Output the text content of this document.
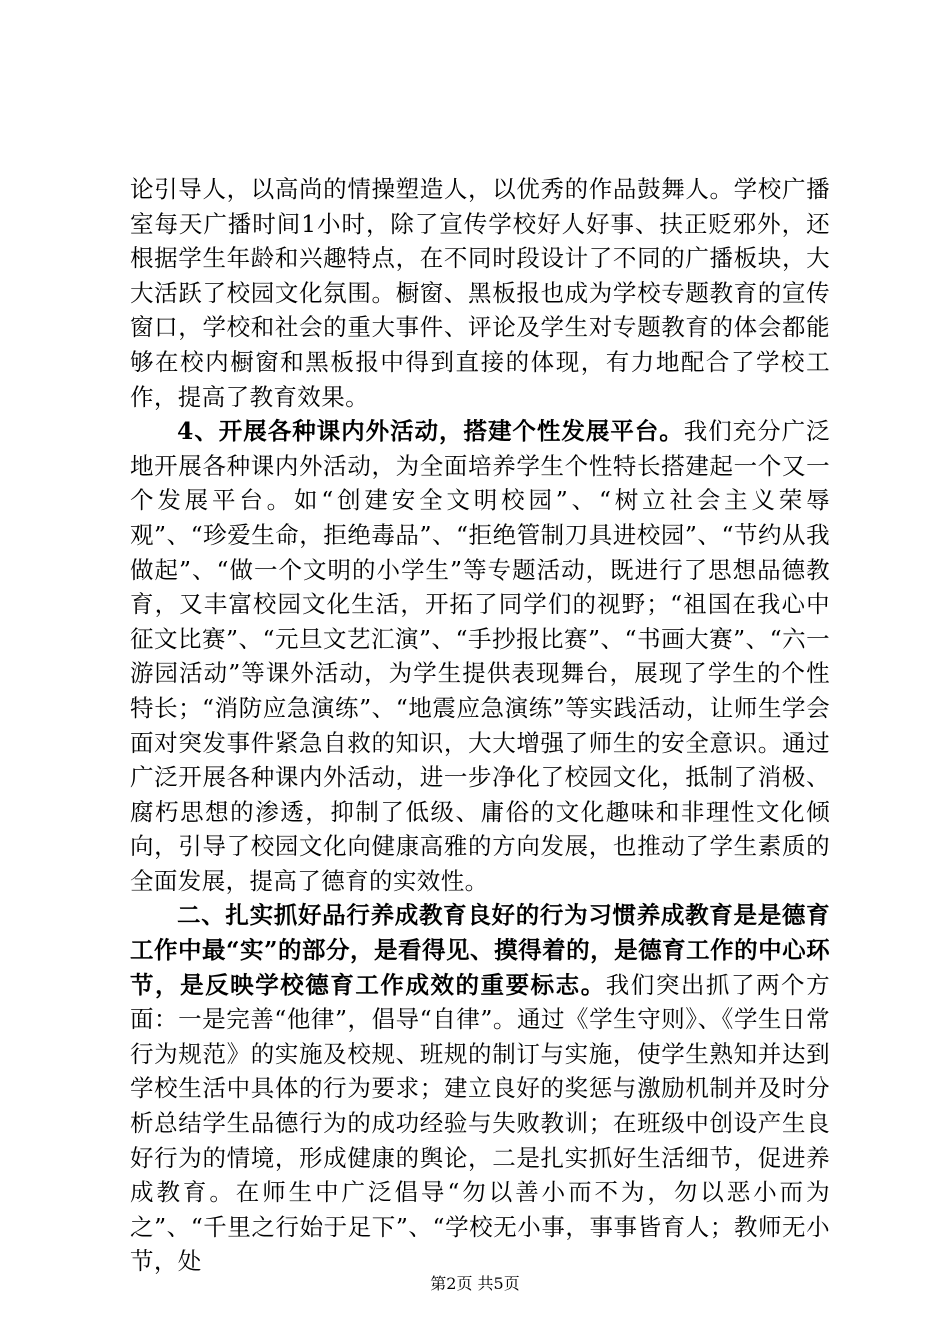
论引导人，以高尚的情操塑造人，以优秀的作品鼓舞人。学校广播室每天广播时间1小时，除了宣传学校好人好事、扶正贬邪外，还根据学生年龄和兴趣特点，在不同时段设计了不同的广播板块，大大活跃了校园文化氛围。橱窗、黑板报也成为学校专题教育的宣传窗口，学校和社会的重大事件、评论及学生对专题教育的体会都能够在校内橱窗和黑板报中得到直接的体现，有力地配合了学校工作，提高了教育效果。

4、开展各种课内外活动，搭建个性发展平台。我们充分广泛地开展各种课内外活动，为全面培养学生个性特长搭建起一个又一个发展平台。如“创建安全文明校园”、“树立社会主义荣辱观”、“珍爱生命，拒绝毒品”、“拒绝管制刀具进校园”、“节约从我做起”、“做一个文明的小学生”等专题活动，既进行了思想品德教育，又丰富校园文化生活，开拓了同学们的视野；“祖国在我心中征文比赛”、“元旦文艺汇演”、“手抄报比赛”、“书画大赛”、“六一游园活动”等课外活动，为学生提供表现舞台，展现了学生的个性特长；“消防应急演练”、“地震应急演练”等实践活动，让师生学会面对突发事件紧急自救的知识，大大增强了师生的安全意识。通过广泛开展各种课内外活动，进一步净化了校园文化，抵制了消极、腐朽思想的渗透，抑制了低级、庸俗的文化趣味和非理性文化倾向，引导了校园文化向健康高雅的方向发展，也推动了学生素质的全面发展，提高了德育的实效性。

二、扎实抓好品行养成教育良好的行为习惯养成教育是是德育工作中最“实”的部分，是看得见、摸得着的，是德育工作的中心环节，是反映学校德育工作成效的重要标志。我们突出抓了两个方面：一是完善“他律”，倡导“自律”。通过《学生守则》、《学生日常行为规范》的实施及校规、班规的制订与实施，使学生熟知并达到学校生活中具体的行为要求；建立良好的奖惩与激励机制并及时分析总结学生品德行为的成功经验与失败教训；在班级中创设产生良好行为的情境，形成健康的舆论，二是扎实抓好生活细节，促进养成教育。在师生中广泛倡导“勿以善小而不为，勿以恶小而为之”、“千里之行始于足下”、“学校无小事，事事皆育人；教师无小节，处

第2页 共5页
